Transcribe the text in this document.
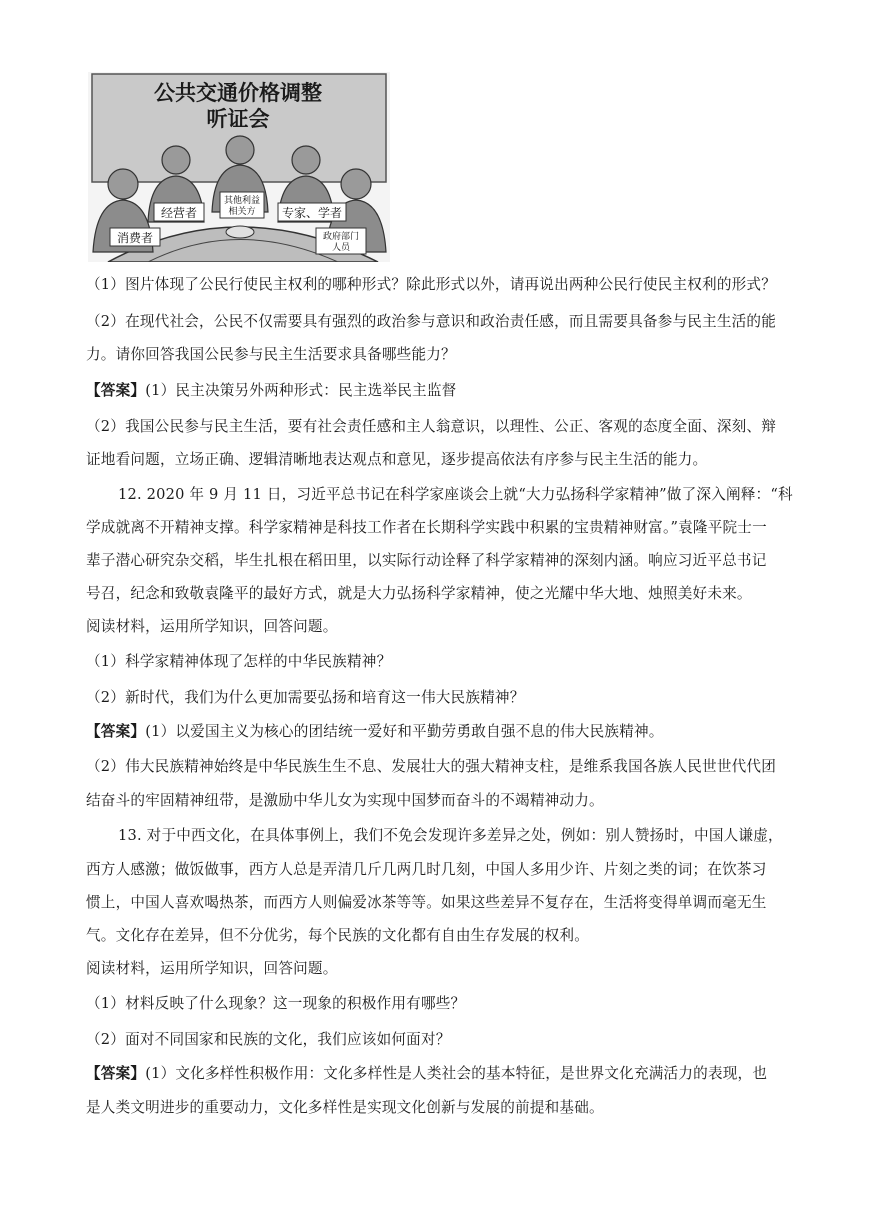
公共交通价格调整
听证会
消费者
经营者
其他利益
相关方 专家、学者
政府部门
人员
（1）图片体现了公民行使民主权利的哪种形式？除此形式以外，请再说出两种公民行使民主权利的形式？
（2）在现代社会，公民不仅需要具有强烈的政治参与意识和政治责任感，而且需要具备参与民主生活的能
力。请你回答我国公民参与民主生活要求具备哪些能力？
【答案】(1）民主决策另外两种形式：民主选举民主监督
（2）我国公民参与民主生活，要有社会责任感和主人翁意识，以理性、公正、客观的态度全面、深刻、辩
证地看问题，立场正确、逻辑清晰地表达观点和意见，逐步提高依法有序参与民主生活的能力。
12. 2020 年 9 月 11 日，习近平总书记在科学家座谈会上就“大力弘扬科学家精神”做了深入阐释：“科
学成就离不开精神支撑。科学家精神是科技工作者在长期科学实践中积累的宝贵精神财富。”袁隆平院士一
辈子潜心研究杂交稻，毕生扎根在稻田里，以实际行动诠释了科学家精神的深刻内涵。响应习近平总书记
号召，纪念和致敬袁隆平的最好方式，就是大力弘扬科学家精神，使之光耀中华大地、烛照美好未来。
阅读材料，运用所学知识，回答问题。
（1）科学家精神体现了怎样的中华民族精神？
（2）新时代，我们为什么更加需要弘扬和培育这一伟大民族精神？
【答案】(1）以爱国主义为核心的团结统一爱好和平勤劳勇敢自强不息的伟大民族精神。
（2）伟大民族精神始终是中华民族生生不息、发展壮大的强大精神支柱，是维系我国各族人民世世代代团
结奋斗的牢固精神纽带，是激励中华儿女为实现中国梦而奋斗的不竭精神动力。
13. 对于中西文化，在具体事例上，我们不免会发现许多差异之处，例如：别人赞扬时，中国人谦虚，
西方人感激；做饭做事，西方人总是弄清几斤几两几时几刻，中国人多用少许、片刻之类的词；在饮茶习
惯上，中国人喜欢喝热茶，而西方人则偏爱冰茶等等。如果这些差异不复存在，生活将变得单调而毫无生
气。文化存在差异，但不分优劣，每个民族的文化都有自由生存发展的权利。
阅读材料，运用所学知识，回答问题。
（1）材料反映了什么现象？这一现象的积极作用有哪些？
（2）面对不同国家和民族的文化，我们应该如何面对？
【答案】(1）文化多样性积极作用：文化多样性是人类社会的基本特征，是世界文化充满活力的表现，也
是人类文明进步的重要动力，文化多样性是实现文化创新与发展的前提和基础。
